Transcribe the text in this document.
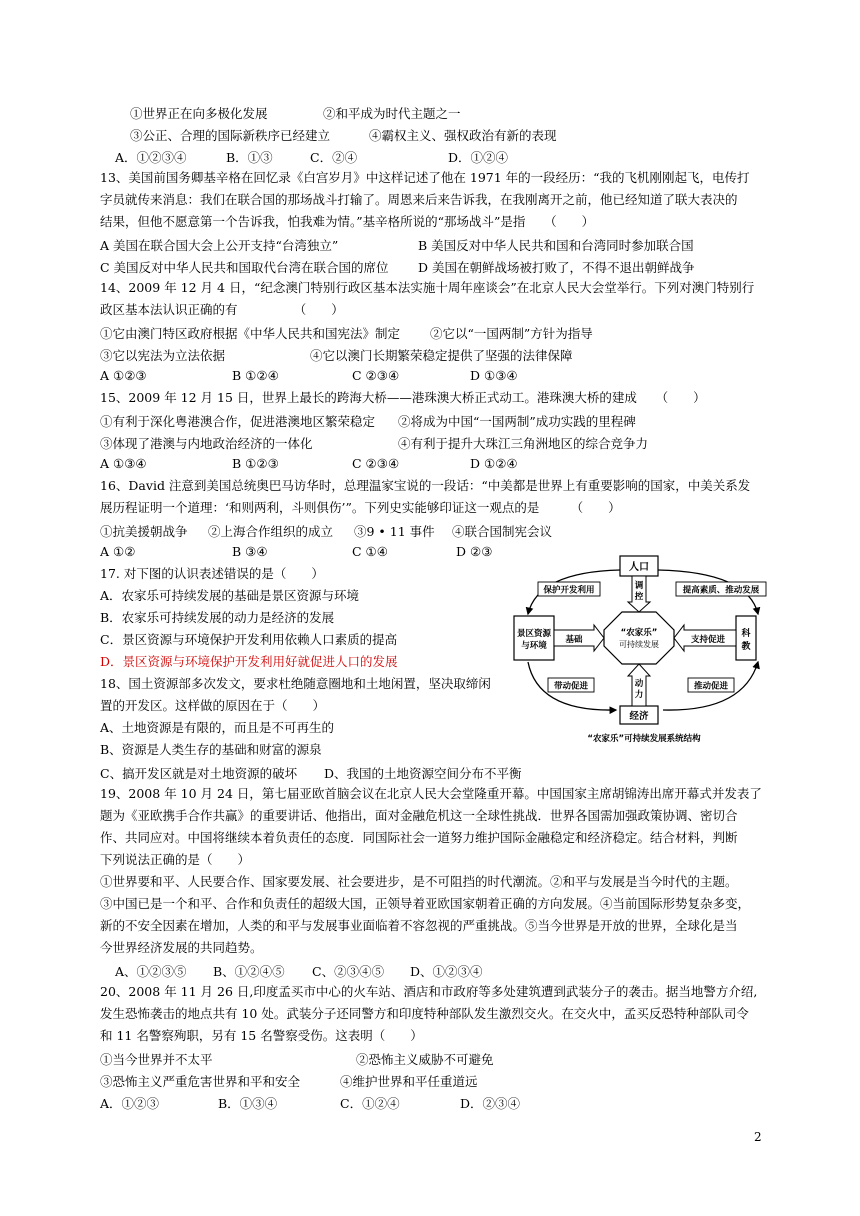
①世界正在向多极化发展	②和平成为时代主题之一
③公正、合理的国际新秩序已经建立	④霸权主义、强权政治有新的表现
A．①②③④	B．①③	C．②④	D．①②④
13、美国前国务卿基辛格在回忆录《白宫岁月》中这样记述了他在 1971 年的一段经历：“我的飞机刚刚起飞，电传打
字员就传来消息：我们在联合国的那场战斗打输了。周恩来后来告诉我，在我刚离开之前，他已经知道了联大表决的
结果，但他不愿意第一个告诉我，怕我难为情。”基辛格所说的“那场战斗”是指　　（　　）
A 美国在联合国大会上公开支持“台湾独立”	B 美国反对中华人民共和国和台湾同时参加联合国
C 美国反对中华人民共和国取代台湾在联合国的席位 D 美国在朝鲜战场被打败了，不得不退出朝鲜战争
14、2009 年 12 月 4 日，“纪念澳门特别行政区基本法实施十周年座谈会”在北京人民大会堂举行。下列对澳门特别行
政区基本法认识正确的有　　　　　（　　）
①它由澳门特区政府根据《中华人民共和国宪法》制定 ②它以“一国两制”方针为指导
③它以宪法为立法依据	④它以澳门长期繁荣稳定提供了坚强的法律保障
A ①②③	B ①②④	C ②③④	D ①③④
15、2009 年 12 月 15 日，世界上最长的跨海大桥——港珠澳大桥正式动工。港珠澳大桥的建成　　（　　）
①有利于深化粤港澳合作，促进港澳地区繁荣稳定 ②将成为中国“一国两制”成功实践的里程碑
③体现了港澳与内地政治经济的一体化	④有利于提升大珠江三角洲地区的综合竞争力
A ①③④	B ①②③	C ②③④	D ①②④
16、David 注意到美国总统奥巴马访华时，总理温家宝说的一段话：“中美都是世界上有重要影响的国家，中美关系发
展历程证明一个道理：‘和则两利，斗则俱伤’”。下列史实能够印证这一观点的是　　　（　　）
①抗美援朝战争 ②上海合作组织的成立 ③9 • 11 事件 ④联合国制宪会议
A ①②	B ③④	C ①④	D ②③
17. 对下图的认识表述错误的是（　　）
A．农家乐可持续发展的基础是景区资源与环境
B．农家乐可持续发展的动力是经济的发展
C．景区资源与环境保护开发利用依赖人口素质的提高
D．景区资源与环境保护开发利用好就促进人口的发展
18、国土资源部多次发文，要求杜绝随意圈地和土地闲置，坚决取缔闲
置的开发区。这样做的原因在于（　　）
A、土地资源是有限的，而且是不可再生的
B、资源是人类生存的基础和财富的源泉
C、搞开发区就是对土地资源的破坏 D、我国的土地资源空间分布不平衡
保护开发利用	提高素质、推动发展
带动促进	推动促进
人口
景区资源
与环境
科
教
经济
“农家乐”
可持续发展
调
控
基础	支持促进
动
力
“农家乐”可持续发展系统结构
19、2008 年 10 月 24 日，第七届亚欧首脑会议在北京人民大会堂隆重开幕。中国国家主席胡锦涛出席开幕式并发表了
题为《亚欧携手合作共赢》的重要讲话、他指出，面对金融危机这一全球性挑战．世界各国需加强政策协调、密切合
作、共同应对。中国将继续本着负责任的态度．同国际社会一道努力维护国际金融稳定和经济稳定。结合材料，判断
下列说法正确的是（　　）
①世界要和平、人民要合作、国家要发展、社会要进步，是不可阻挡的时代潮流。②和平与发展是当今时代的主题。
③中国已是一个和平、合作和负责任的超级大国，正领导着亚欧国家朝着正确的方向发展。④当前国际形势复杂多变，
新的不安全因素在增加，人类的和平与发展事业面临着不容忽视的严重挑战。⑤当今世界是开放的世界，全球化是当
今世界经济发展的共同趋势。
A、①②③⑤ B、①②④⑤ C、②③④⑤ D、①②③④
20、2008 年 11 月 26 日,印度孟买市中心的火车站、酒店和市政府等多处建筑遭到武装分子的袭击。据当地警方介绍,
发生恐怖袭击的地点共有 10 处。武装分子还同警方和印度特种部队发生激烈交火。在交火中，孟买反恐特种部队司令
和 11 名警察殉职，另有 15 名警察受伤。这表明（　　）
①当今世界并不太平	②恐怖主义威胁不可避免
③恐怖主义严重危害世界和平和安全	④维护世界和平任重道远
A．①②③	B．①③④	C．①②④	D．②③④
2
